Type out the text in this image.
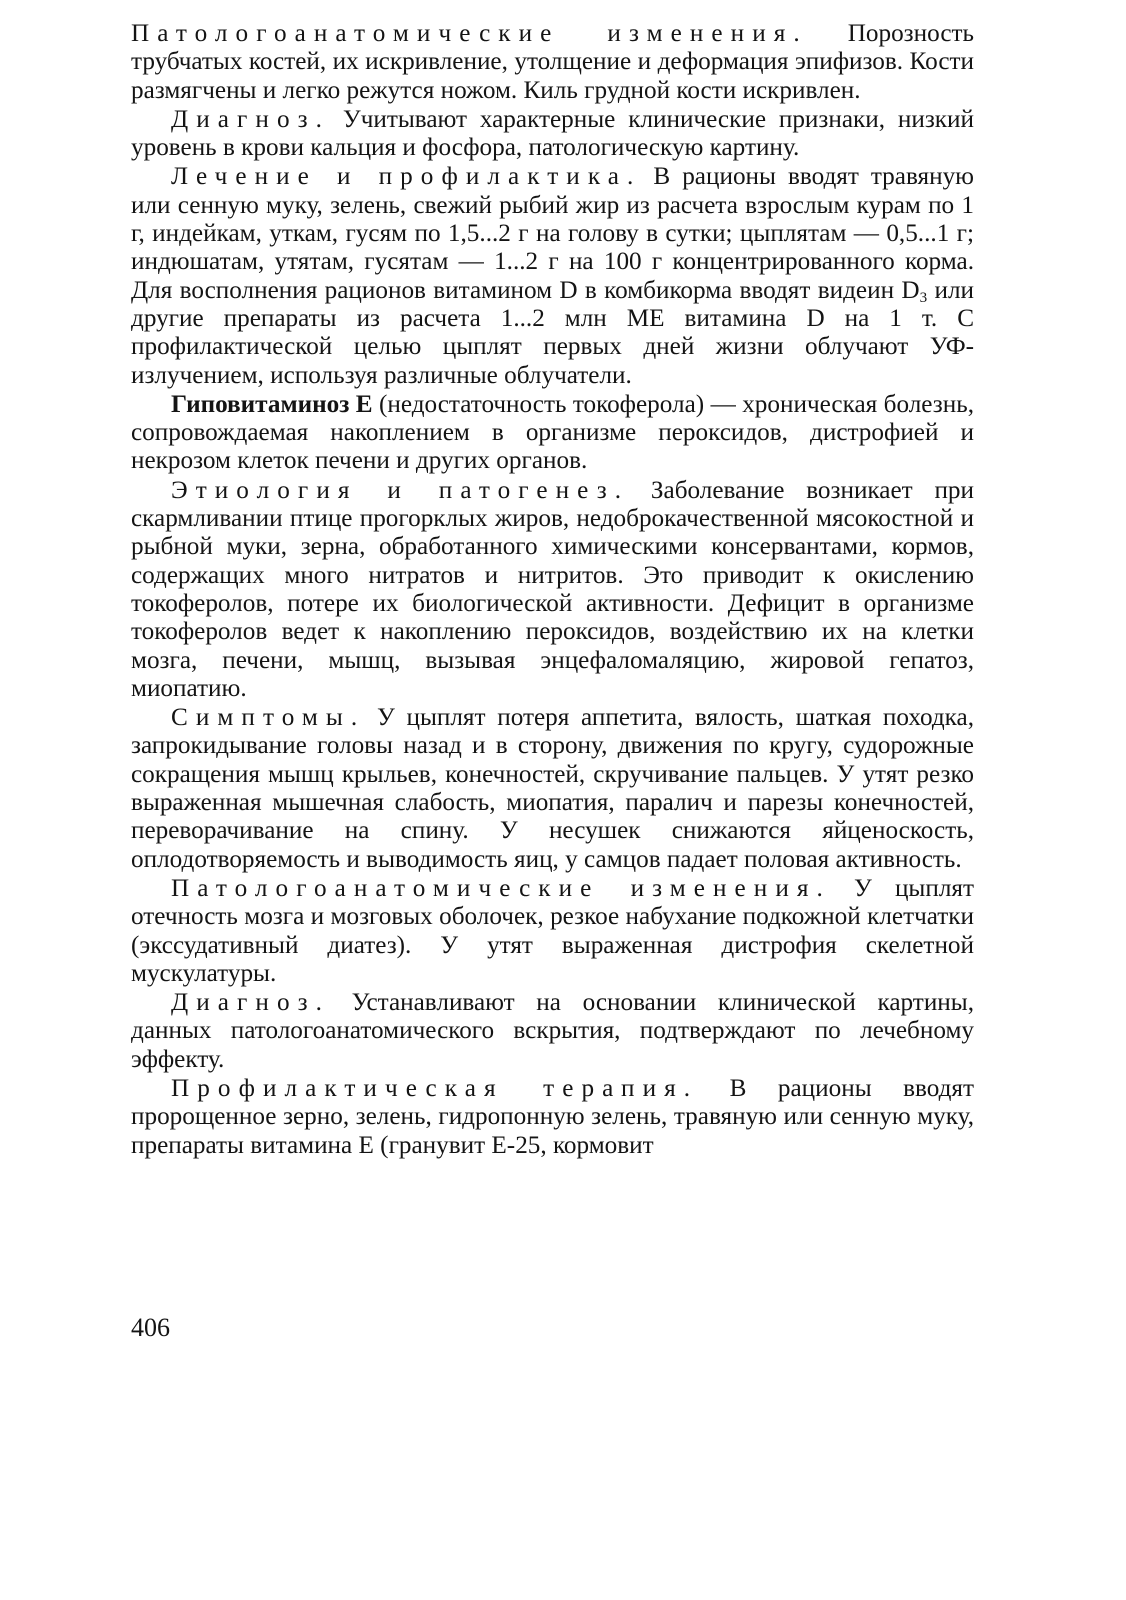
Патологоанатомические изменения. Порозность трубчатых костей, их искривление, утолщение и деформация эпифизов. Кости размягчены и легко режутся ножом. Киль грудной кости искривлен.

Диагноз. Учитывают характерные клинические признаки, низкий уровень в крови кальция и фосфора, патологическую картину.

Лечение и профилактика. В рационы вводят травяную или сенную муку, зелень, свежий рыбий жир из расчета взрослым курам по 1 г, индейкам, уткам, гусям по 1,5...2 г на голову в сутки; цыплятам — 0,5...1 г; индюшатам, утятам, гусятам — 1...2 г на 100 г концентрированного корма. Для восполнения рационов витамином D в комбикорма вводят видеин $D_3$ или другие препараты из расчета 1...2 млн МЕ витамина D на 1 т. С профилактической целью цыплят первых дней жизни облучают УФ-излучением, используя различные облучатели.

Гиповитаминоз Е (недостаточность токоферола) — хроническая болезнь, сопровождаемая накоплением в организме пероксидов, дистрофией и некрозом клеток печени и других органов.

Этиология и патогенез. Заболевание возникает при скармливании птице прогорклых жиров, недоброкачественной мясокостной и рыбной муки, зерна, обработанного химическими консервантами, кормов, содержащих много нитратов и нитритов. Это приводит к окислению токоферолов, потере их биологической активности. Дефицит в организме токоферолов ведет к накоплению пероксидов, воздействию их на клетки мозга, печени, мышц, вызывая энцефаломаляцию, жировой гепатоз, миопатию.

Симптомы. У цыплят потеря аппетита, вялость, шаткая походка, запрокидывание головы назад и в сторону, движения по кругу, судорожные сокращения мышц крыльев, конечностей, скручивание пальцев. У утят резко выраженная мышечная слабость, миопатия, паралич и парезы конечностей, переворачивание на спину. У несушек снижаются яйценоскость, оплодотворяемость и выводимость яиц, у самцов падает половая активность.

Патологоанатомические изменения. У цыплят отечность мозга и мозговых оболочек, резкое набухание подкожной клетчатки (экссудативный диатез). У утят выраженная дистрофия скелетной мускулатуры.

Диагноз. Устанавливают на основании клинической картины, данных патологоанатомического вскрытия, подтверждают по лечебному эффекту.

Профилактическая терапия. В рационы вводят пророщенное зерно, зелень, гидропонную зелень, травяную или сенную муку, препараты витамина Е (гранувит Е-25, кормовит

406
